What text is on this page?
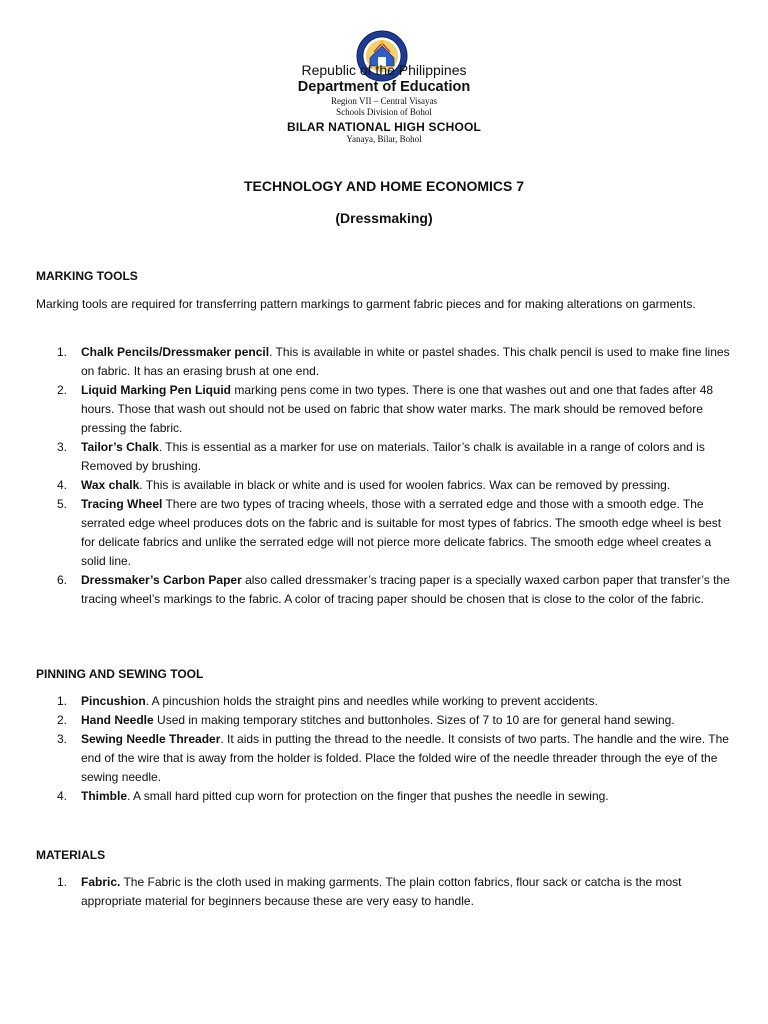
Republic of the Philippines
Department of Education
Region VII – Central Visayas
Schools Division of Bohol
BILAR NATIONAL HIGH SCHOOL
Yanaya, Bilar, Bohol
TECHNOLOGY AND HOME ECONOMICS 7
(Dressmaking)
MARKING TOOLS
Marking tools are required for transferring pattern markings to garment fabric pieces and for making alterations on garments.
1. Chalk Pencils/Dressmaker pencil. This is available in white or pastel shades. This chalk pencil is used to make fine lines on fabric. It has an erasing brush at one end.
2. Liquid Marking Pen Liquid marking pens come in two types. There is one that washes out and one that fades after 48 hours. Those that wash out should not be used on fabric that show water marks. The mark should be removed before pressing the fabric.
3. Tailor’s Chalk. This is essential as a marker for use on materials. Tailor’s chalk is available in a range of colors and is Removed by brushing.
4. Wax chalk. This is available in black or white and is used for woolen fabrics. Wax can be removed by pressing.
5. Tracing Wheel There are two types of tracing wheels, those with a serrated edge and those with a smooth edge. The serrated edge wheel produces dots on the fabric and is suitable for most types of fabrics. The smooth edge wheel is best for delicate fabrics and unlike the serrated edge will not pierce more delicate fabrics. The smooth edge wheel creates a solid line.
6. Dressmaker’s Carbon Paper also called dressmaker’s tracing paper is a specially waxed carbon paper that transfer’s the tracing wheel’s markings to the fabric. A color of tracing paper should be chosen that is close to the color of the fabric.
PINNING AND SEWING TOOL
1. Pincushion. A pincushion holds the straight pins and needles while working to prevent accidents.
2. Hand Needle Used in making temporary stitches and buttonholes. Sizes of 7 to 10 are for general hand sewing.
3. Sewing Needle Threader. It aids in putting the thread to the needle. It consists of two parts. The handle and the wire. The end of the wire that is away from the holder is folded. Place the folded wire of the needle threader through the eye of the sewing needle.
4. Thimble. A small hard pitted cup worn for protection on the finger that pushes the needle in sewing.
MATERIALS
1. Fabric. The Fabric is the cloth used in making garments. The plain cotton fabrics, flour sack or catcha is the most appropriate material for beginners because these are very easy to handle.
